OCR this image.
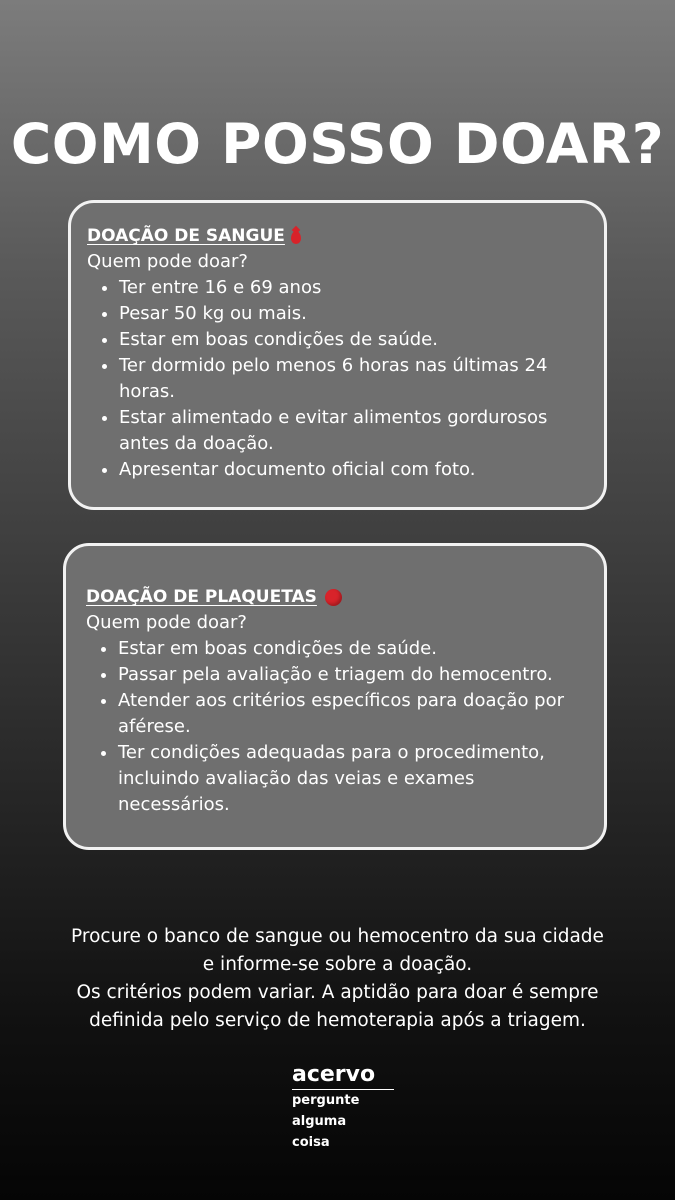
COMO POSSO DOAR?
DOAÇÃO DE SANGUE
Quem pode doar?
• Ter entre 16 e 69 anos
• Pesar 50 kg ou mais.
• Estar em boas condições de saúde.
• Ter dormido pelo menos 6 horas nas últimas 24 horas.
• Estar alimentado e evitar alimentos gordurosos antes da doação.
• Apresentar documento oficial com foto.
DOAÇÃO DE PLAQUETAS
Quem pode doar?
• Estar em boas condições de saúde.
• Passar pela avaliação e triagem do hemocentro.
• Atender aos critérios específicos para doação por aférese.
• Ter condições adequadas para o procedimento, incluindo avaliação das veias e exames necessários.
Procure o banco de sangue ou hemocentro da sua cidade
e informe-se sobre a doação.
Os critérios podem variar. A aptidão para doar é sempre
definida pelo serviço de hemoterapia após a triagem.
acervo
pergunte
alguma
coisa
